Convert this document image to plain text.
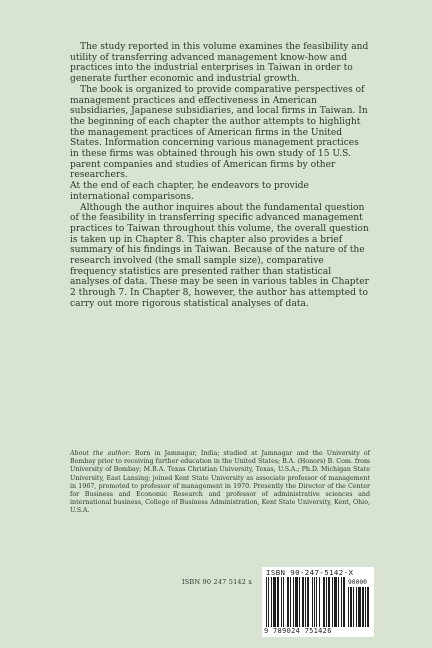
The study reported in this volume examines the feasibility and utility of transferring advanced management know-how and practices into the industrial enterprises in Taiwan in order to generate further economic and industrial growth.

The book is organized to provide comparative perspectives of management practices and effectiveness in American subsidiaries, Japanese subsidiaries, and local firms in Taiwan. In the beginning of each chapter the author attempts to highlight the management practices of American firms in the United States. Information concerning various management practices in these firms was obtained through his own study of 15 U.S. parent companies and studies of American firms by other researchers.

At the end of each chapter, he endeavors to provide international comparisons.

Although the author inquires about the fundamental question of the feasibility in transferring specific advanced management practices to Taiwan throughout this volume, the overall question is taken up in Chapter 8. This chapter also provides a brief summary of his findings in Taiwan. Because of the nature of the research involved (the small sample size), comparative frequency statistics are presented rather than statistical analyses of data. These may be seen in various tables in Chapter 2 through 7. In Chapter 8, however, the author has attempted to carry out more rigorous statistical analyses of data.

About the author: Born in Jamnagar, India; studied at Jamnagar and the University of Bombay prior to receiving further education in the United States; B.A. (Honors) B. Com. from University of Bombay; M.B.A. Texas Christian University, Texas, U.S.A.; Ph.D. Michigan State University, East Lansing; joined Kent State University as associate professor of management in 1967, promoted to professor of management in 1970. Presently the Director of the Center for Business and Economic Research and professor of administrative sciences and international business, College of Business Administration, Kent State University, Kent, Ohio, U.S.A.
ISBN 90 247 5142 x
ISBN 90-247-5142-X
90000
9 789024 751426
